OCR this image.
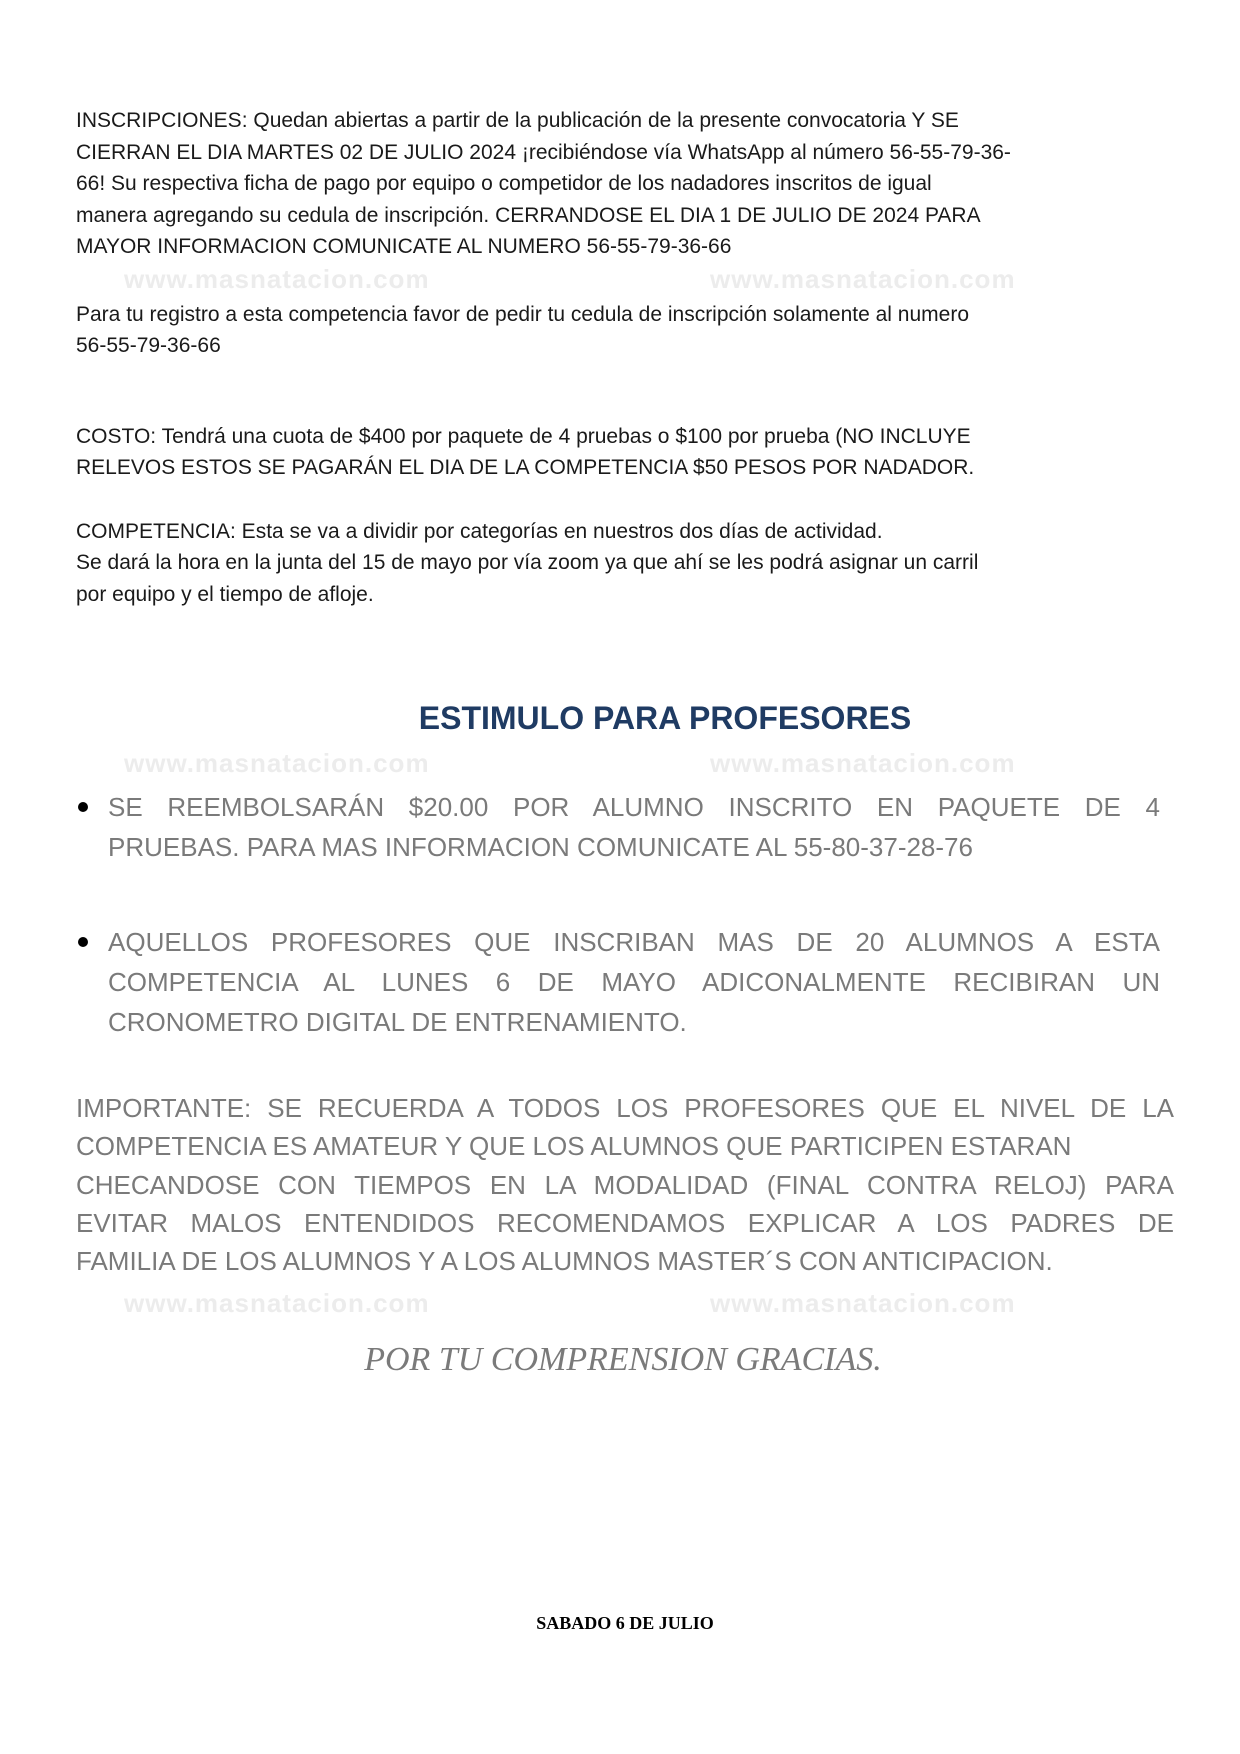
www.masnatacion.com	www.masnatacion.com
www.masnatacion.com	www.masnatacion.com
www.masnatacion.com	www.masnatacion.com
INSCRIPCIONES: Quedan abiertas a partir de la publicación de la presente convocatoria Y SE
CIERRAN EL DIA MARTES 02 DE JULIO 2024 ¡recibiéndose vía WhatsApp al número 56-55-79-36-
66! Su respectiva ficha de pago por equipo o competidor de los nadadores inscritos de igual
manera agregando su cedula de inscripción. CERRANDOSE EL DIA 1 DE JULIO DE 2024 PARA
MAYOR INFORMACION COMUNICATE AL NUMERO 56-55-79-36-66
Para tu registro a esta competencia favor de pedir tu cedula de inscripción solamente al numero
56-55-79-36-66
COSTO: Tendrá una cuota de $400 por paquete de 4 pruebas o $100 por prueba (NO INCLUYE
RELEVOS ESTOS SE PAGARÁN EL DIA DE LA COMPETENCIA $50 PESOS POR NADADOR.
COMPETENCIA: Esta se va a dividir por categorías en nuestros dos días de actividad.
Se dará la hora en la junta del 15 de mayo por vía zoom ya que ahí se les podrá asignar un carril
por equipo y el tiempo de afloje.
ESTIMULO PARA PROFESORES
SE REEMBOLSARÁN $20.00 POR ALUMNO INSCRITO EN PAQUETE DE 4
PRUEBAS. PARA MAS INFORMACION COMUNICATE AL 55-80-37-28-76
AQUELLOS PROFESORES QUE INSCRIBAN MAS DE 20 ALUMNOS A ESTA
COMPETENCIA AL LUNES 6 DE MAYO ADICONALMENTE RECIBIRAN UN
CRONOMETRO DIGITAL DE ENTRENAMIENTO.
IMPORTANTE: SE RECUERDA A TODOS LOS PROFESORES QUE EL NIVEL DE LA
COMPETENCIA ES AMATEUR Y QUE LOS ALUMNOS QUE PARTICIPEN ESTARAN
CHECANDOSE CON TIEMPOS EN LA MODALIDAD (FINAL CONTRA RELOJ) PARA
EVITAR MALOS ENTENDIDOS RECOMENDAMOS EXPLICAR A LOS PADRES DE
FAMILIA DE LOS ALUMNOS Y A LOS ALUMNOS MASTER´S CON ANTICIPACION.
POR TU COMPRENSION GRACIAS.
SABADO 6 DE JULIO
